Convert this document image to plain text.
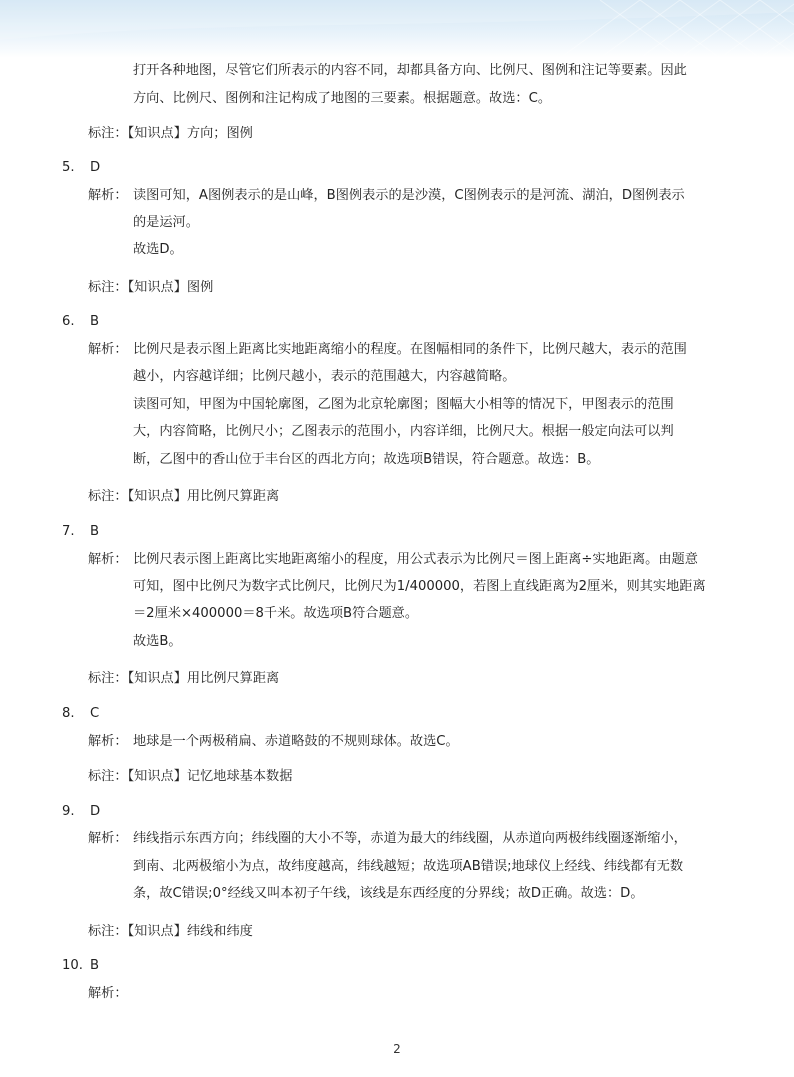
打开各种地图，尽管它们所表示的内容不同，却都具备方向、比例尺、图例和注记等要素。因此
方向、比例尺、图例和注记构成了地图的三要素。根据题意。故选：C。
标注：【知识点】方向；图例
5. D
解析： 读图可知，A图例表示的是山峰，B图例表示的是沙漠，C图例表示的是河流、湖泊，D图例表示
的是运河。
故选D。
标注：【知识点】图例
6. B
解析： 比例尺是表示图上距离比实地距离缩小的程度。在图幅相同的条件下，比例尺越大，表示的范围
越小，内容越详细；比例尺越小，表示的范围越大，内容越简略。
读图可知，甲图为中国轮廓图，乙图为北京轮廓图；图幅大小相等的情况下，甲图表示的范围
大，内容简略，比例尺小；乙图表示的范围小，内容详细，比例尺大。根据一般定向法可以判
断，乙图中的香山位于丰台区的西北方向；故选项B错误，符合题意。故选：B。
标注：【知识点】用比例尺算距离
7. B
解析： 比例尺表示图上距离比实地距离缩小的程度，用公式表示为比例尺＝图上距离÷实地距离。由题意
可知，图中比例尺为数字式比例尺，比例尺为1/400000，若图上直线距离为2厘米，则其实地距离
＝2厘米×400000＝8千米。故选项B符合题意。
故选B。
标注：【知识点】用比例尺算距离
8. C
解析： 地球是一个两极稍扁、赤道略鼓的不规则球体。故选C。
标注：【知识点】记忆地球基本数据
9. D
解析： 纬线指示东西方向；纬线圈的大小不等，赤道为最大的纬线圈，从赤道向两极纬线圈逐渐缩小，
到南、北两极缩小为点，故纬度越高，纬线越短；故选项AB错误;地球仪上经线、纬线都有无数
条，故C错误;0°经线又叫本初子午线，该线是东西经度的分界线；故D正确。故选：D。
标注：【知识点】纬线和纬度
10. B
解析：
2
